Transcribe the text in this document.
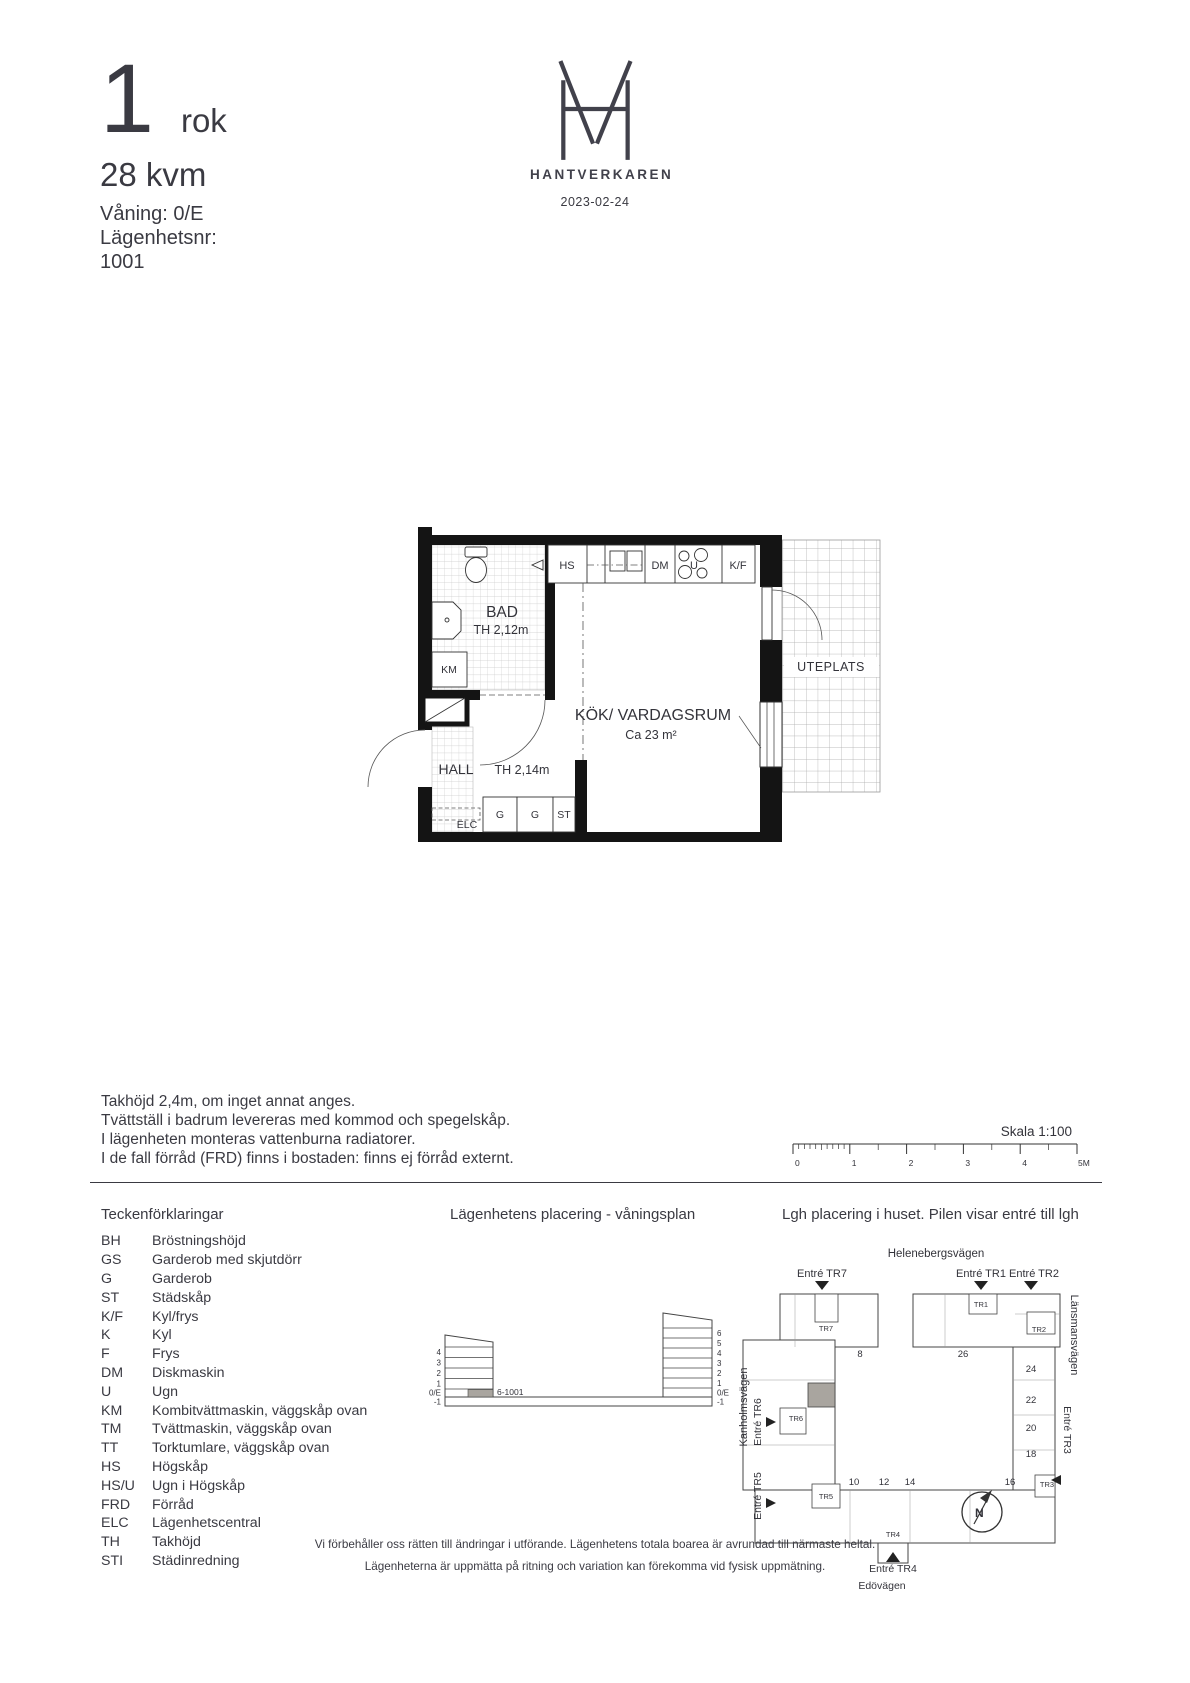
1 rok
28 kvm
Våning: 0/E
Lägenhetsnr:
1001
HANTVERKAREN
2023-02-24
HS	DM U	K/F
BAD
TH 2,12m
KM
KÖK/ VARDAGSRUM
Ca 23 m²
UTEPLATS
HALL TH 2,14m
ELC
G	G ST
Takhöjd 2,4m, om inget annat anges.
Tvättställ i badrum levereras med kommod och spegelskåp.
I lägenheten monteras vattenburna radiatorer.
I de fall förråd (FRD) finns i bostaden: finns ej förråd externt.
Skala 1:100
0	1	2	3	4	5M
Teckenförklaringar	Lägenhetens placering - våningsplan	Lgh placering i huset. Pilen visar entré till lgh
BH	Bröstningshöjd
GS	Garderob med skjutdörr
G	Garderob
ST	Städskåp
K/F	Kyl/frys
K	Kyl
F	Frys
DM	Diskmaskin
U	Ugn
KM	Kombitvättmaskin, väggskåp ovan
TM	Tvättmaskin, väggskåp ovan
TT	Torktumlare, väggskåp ovan
HS	Högskåp
HS/U	Ugn i Högskåp
FRD	Förråd
ELC	Lägenhetscentral
TH	Takhöjd
STI	Städinredning
6-1001
4
3
2
1
0/E
-1
6
5
4
3
2
1
0/E
-1
Helenebergsvägen
Kanholmsvägen
Länsmansvägen
Edövägen
Entré TR7	Entré TR1 Entré TR2
Entré TR6
Entré TR5
Entré TR3
Entré TR4
TR7
TR1
TR2
TR6
TR5
TR3
TR4
8	26
24
22
20
18
10 12 14	16
N
Vi förbehåller oss rätten till ändringar i utförande. Lägenhetens totala boarea är avrundad till närmaste heltal.
Lägenheterna är uppmätta på ritning och variation kan förekomma vid fysisk uppmätning.
